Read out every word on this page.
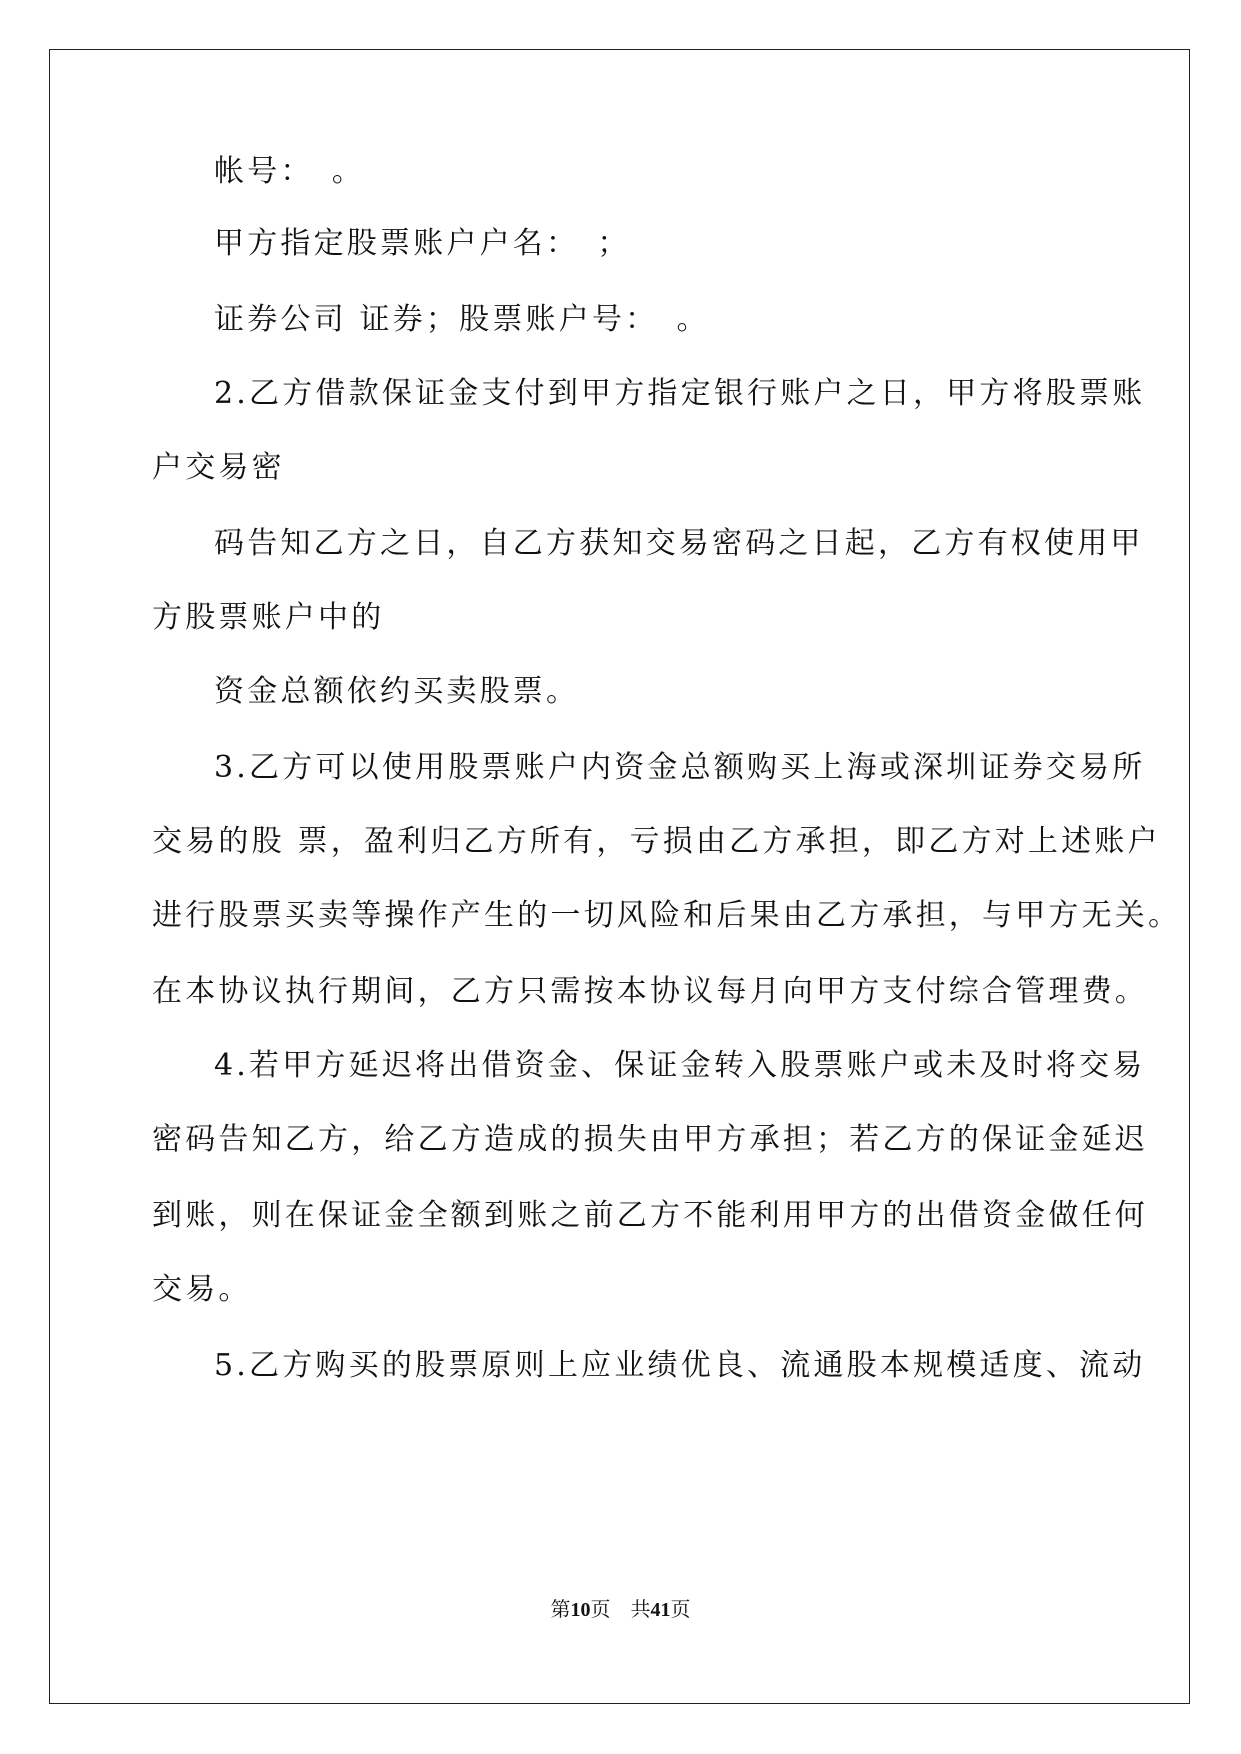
帐号：　。
甲方指定股票账户户名：　；
证券公司 证券；股票账户号：　。
2.乙方借款保证金支付到甲方指定银行账户之日，甲方将股票账
户交易密
码告知乙方之日，自乙方获知交易密码之日起，乙方有权使用甲
方股票账户中的
资金总额依约买卖股票。
3.乙方可以使用股票账户内资金总额购买上海或深圳证券交易所
交易的股 票，盈利归乙方所有，亏损由乙方承担，即乙方对上述账户
进行股票买卖等操作产生的一切风险和后果由乙方承担，与甲方无关。
在本协议执行期间，乙方只需按本协议每月向甲方支付综合管理费。
4.若甲方延迟将出借资金、保证金转入股票账户或未及时将交易
密码告知乙方，给乙方造成的损失由甲方承担；若乙方的保证金延迟
到账，则在保证金全额到账之前乙方不能利用甲方的出借资金做任何
交易。
5.乙方购买的股票原则上应业绩优良、流通股本规模适度、流动
第10页　共41页
